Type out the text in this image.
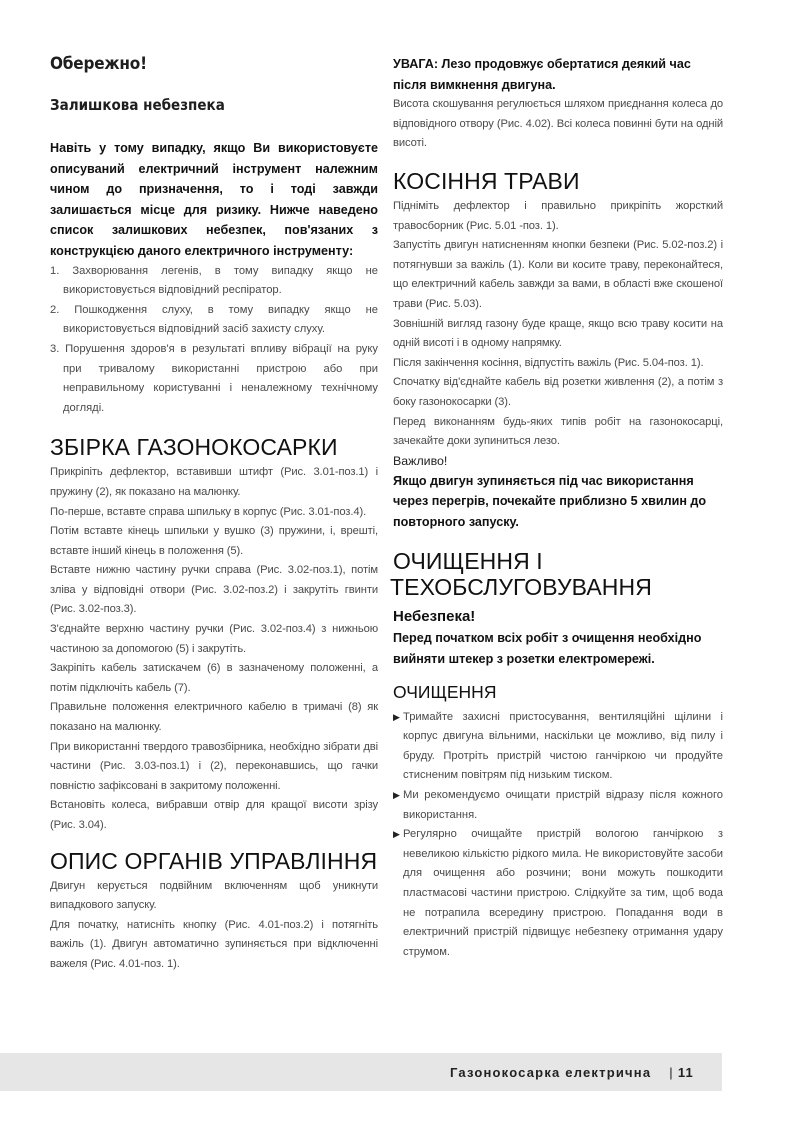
Обережно!

Залишкова небезпека

Навіть у тому випадку, якщо Ви використовуєте описуваний електричний інструмент належним чином до призначення, то і тоді завжди залишається місце для ризику. Нижче наведено список залишкових небезпек, пов'язаних з конструкцією даного електричного інструменту:

1. Захворювання легенів, в тому випадку якщо не використовується відповідний респіратор.
2. Пошкодження слуху, в тому випадку якщо не використовується відповідний засіб захисту слуху.
3. Порушення здоров'я в результаті впливу вібрації на руку при тривалому використанні пристрою або при неправильному користуванні і неналежному технічному догляді.

ЗБІРКА ГАЗОНОКОСАРКИ

Прикріпіть дефлектор, вставивши штифт (Рис. 3.01-поз.1) і пружину (2), як показано на малюнку.

По-перше, вставте справа шпильку в корпус (Рис. 3.01-поз.4).

Потім вставте кінець шпильки у вушко (3) пружини, і, врешті, вставте інший кінець в положення (5).

Вставте нижню частину ручки справа (Рис. 3.02-поз.1), потім зліва у відповідні отвори (Рис. 3.02-поз.2) і закрутіть гвинти (Рис. 3.02-поз.3).

З'єднайте верхню частину ручки (Рис. 3.02-поз.4) з нижньою частиною за допомогою (5) і закрутіть.

Закріпіть кабель затискачем (6) в зазначеному положенні, а потім підключіть кабель (7).

Правильне положення електричного кабелю в тримачі (8) як показано на малюнку.

При використанні твердого травозбірника, необхідно зібрати дві частини (Рис. 3.03-поз.1) і (2), переконавшись, що гачки повністю зафіксовані в закритому положенні.

Встановіть колеса, вибравши отвір для кращої висоти зрізу (Рис. 3.04).

ОПИС ОРГАНІВ УПРАВЛІННЯ

Двигун керується подвійним включенням щоб уникнути випадкового запуску.

Для початку, натисніть кнопку (Рис. 4.01-поз.2) і потягніть важіль (1). Двигун автоматично зупиняється при відключенні важеля (Рис. 4.01-поз. 1).

УВАГА: Лезо продовжує обертатися деякий час після вимкнення двигуна.

Висота скошування регулюється шляхом приєднання колеса до відповідного отвору (Рис. 4.02). Всі колеса повинні бути на одній висоті.

КОСІННЯ ТРАВИ

Підніміть дефлектор і правильно прикріпіть жорсткий травосборник (Рис. 5.01 -поз. 1).

Запустіть двигун натисненням кнопки безпеки (Рис. 5.02-поз.2) і потягнувши за важіль (1). Коли ви косите траву, переконайтеся, що електричний кабель завжди за вами, в області вже скошеної трави (Рис. 5.03).

Зовнішній вигляд газону буде краще, якщо всю траву косити на одній висоті і в одному напрямку.

Після закінчення косіння, відпустіть важіль (Рис. 5.04-поз. 1).

Спочатку від'єднайте кабель від розетки живлення (2), а потім з боку газонокосарки (3).

Перед виконанням будь-яких типів робіт на газонокосарці, зачекайте доки зупиниться лезо.

Важливо!

Якщо двигун зупиняється під час використання через перегрів, почекайте приблизно 5 хвилин до повторного запуску.

ОЧИЩЕННЯ І

ТЕХОБСЛУГОВУВАННЯ

Небезпека!

Перед початком всіх робіт з очищення необхідно вийняти штекер з розетки електромережі.

ОЧИЩЕННЯ

▶ Тримайте захисні пристосування, вентиляційні щілини і корпус двигуна вільними, наскільки це можливо, від пилу і бруду. Протріть пристрій чистою ганчіркою чи продуйте стисненим повітрям під низьким тиском.
▶ Ми рекомендуємо очищати пристрій відразу після кожного використання.
▶ Регулярно очищайте пристрій вологою ганчіркою з невеликою кількістю рідкого мила. Не використовуйте засоби для очищення або розчини; вони можуть пошкодити пластмасові частини пристрою. Слідкуйте за тим, щоб вода не потрапила всередину пристрою. Попадання води в електричний пристрій підвищує небезпеку отримання удару струмом.
Газонокосарка електрична | 11
